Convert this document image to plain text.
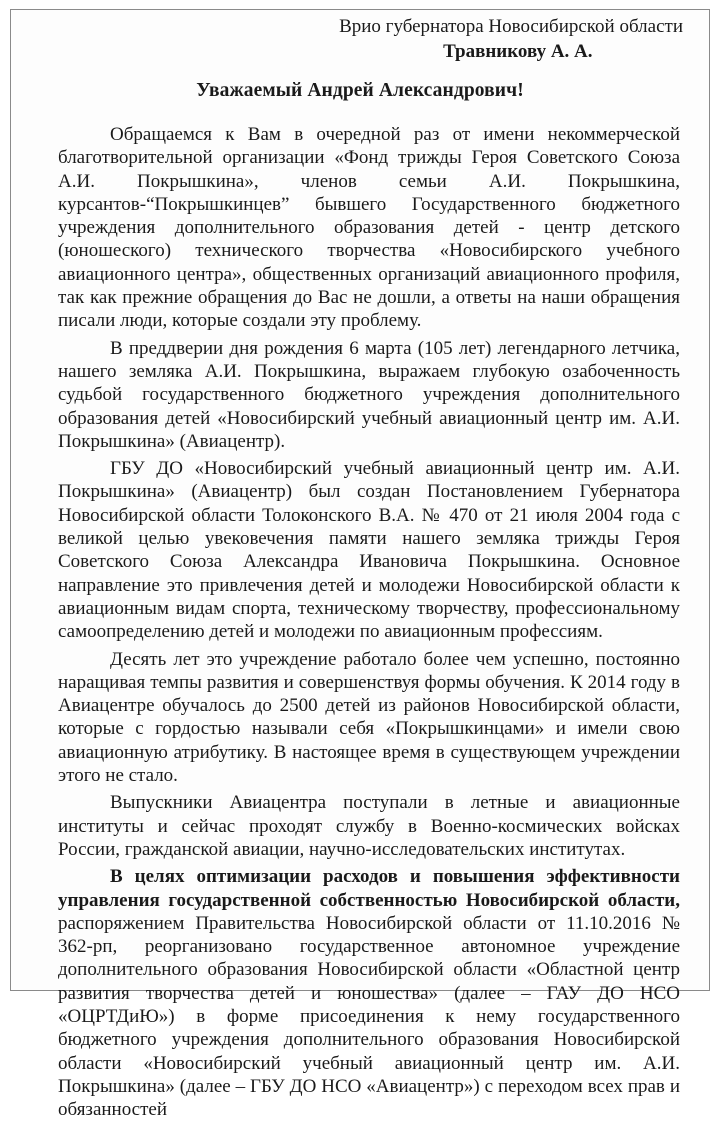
Врио губернатора Новосибирской области
Травникову А. А.
Уважаемый Андрей Александрович!

Обращаемся к Вам в очередной раз от имени некоммерческой благотворительной организации «Фонд трижды Героя Советского Союза А.И. Покрышкина», членов семьи А.И. Покрышкина, курсантов-“Покрышкинцев” бывшего Государственного бюджетного учреждения дополнительного образования детей - центр детского (юношеского) технического творчества «Новосибирского учебного авиационного центра», общественных организаций авиационного профиля, так как прежние обращения до Вас не дошли, а ответы на наши обращения писали люди, которые создали эту проблему.

В преддверии дня рождения 6 марта (105 лет) легендарного летчика, нашего земляка А.И. Покрышкина, выражаем глубокую озабоченность судьбой государственного бюджетного учреждения дополнительного образования детей «Новосибирский учебный авиационный центр им. А.И. Покрышкина» (Авиацентр).

ГБУ ДО «Новосибирский учебный авиационный центр им. А.И. Покрышкина» (Авиацентр) был создан Постановлением Губернатора Новосибирской области Толоконского В.А. № 470 от 21 июля 2004 года с великой целью увековечения памяти нашего земляка трижды Героя Советского Союза Александра Ивановича Покрышкина. Основное направление это привлечения детей и молодежи Новосибирской области к авиационным видам спорта, техническому творчеству, профессиональному самоопределению детей и молодежи по авиационным профессиям.

Десять лет это учреждение работало более чем успешно, постоянно наращивая темпы развития и совершенствуя формы обучения. К 2014 году в Авиацентре обучалось до 2500 детей из районов Новосибирской области, которые с гордостью называли себя «Покрышкинцами» и имели свою авиационную атрибутику. В настоящее время в существующем учреждении этого не стало.

Выпускники Авиацентра поступали в летные и авиационные институты и сейчас проходят службу в Военно-космических войсках России, гражданской авиации, научно-исследовательских институтах.

В целях оптимизации расходов и повышения эффективности управления государственной собственностью Новосибирской области, распоряжением Правительства Новосибирской области от 11.10.2016 № 362-рп, реорганизовано государственное автономное учреждение дополнительного образования Новосибирской области «Областной центр развития творчества детей и юношества» (далее – ГАУ ДО НСО «ОЦРТДиЮ») в форме присоединения к нему государственного бюджетного учреждения дополнительного образования Новосибирской области «Новосибирский учебный авиационный центр им. А.И. Покрышкина» (далее – ГБУ ДО НСО «Авиацентр») с переходом всех прав и обязанностей
